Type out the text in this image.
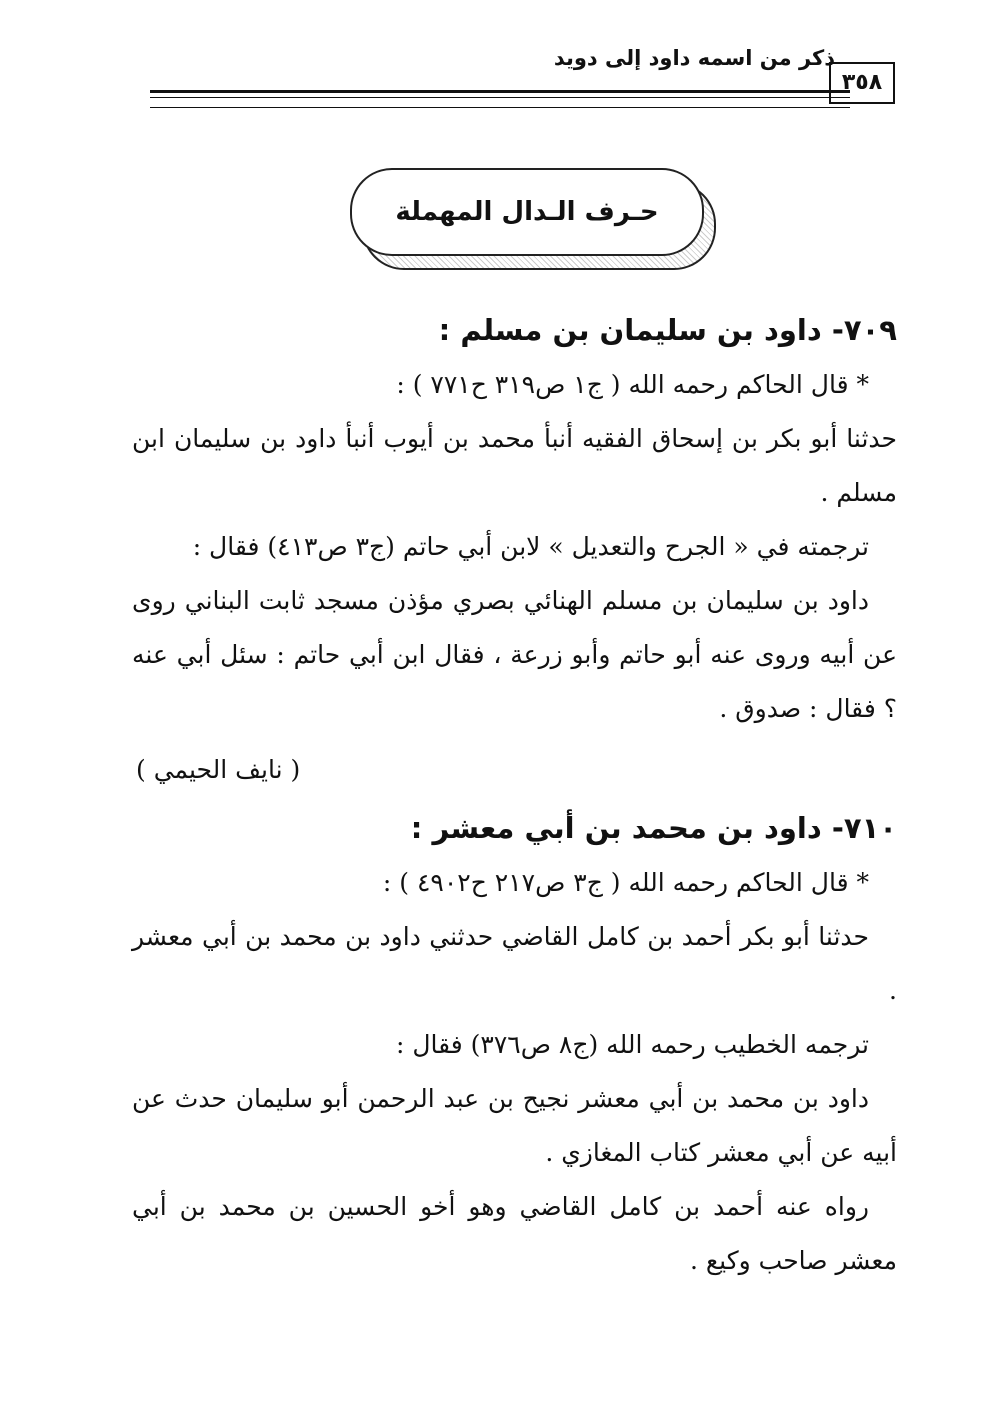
ذكر من اسمه داود إلى دويد
٣٥٨
حـرف الـدال المهملة

٧٠٩- داود بن سليمان بن مسلم :

* قال الحاكم رحمه الله ( ج١ ص٣١٩ ح٧٧١ ) :

حدثنا أبو بكر بن إسحاق الفقيه أنبأ محمد بن أيوب أنبأ داود بن سليمان ابن مسلم .

ترجمته في « الجرح والتعديل » لابن أبي حاتم (ج٣ ص٤١٣) فقال :

داود بن سليمان بن مسلم الهنائي بصري مؤذن مسجد ثابت البناني روى عن أبيه وروى عنه أبو حاتم وأبو زرعة ، فقال ابن أبي حاتم : سئل أبي عنه ؟ فقال : صدوق .

( نايف الحيمي )

٧١٠- داود بن محمد بن أبي معشر :

* قال الحاكم رحمه الله ( ج٣ ص٢١٧ ح٤٩٠٢ ) :

حدثنا أبو بكر أحمد بن كامل القاضي حدثني داود بن محمد بن أبي معشر .

ترجمه الخطيب رحمه الله (ج٨ ص٣٧٦) فقال :

داود بن محمد بن أبي معشر نجيح بن عبد الرحمن أبو سليمان حدث عن أبيه عن أبي معشر كتاب المغازي .

رواه عنه أحمد بن كامل القاضي وهو أخو الحسين بن محمد بن أبي معشر صاحب وكيع .
